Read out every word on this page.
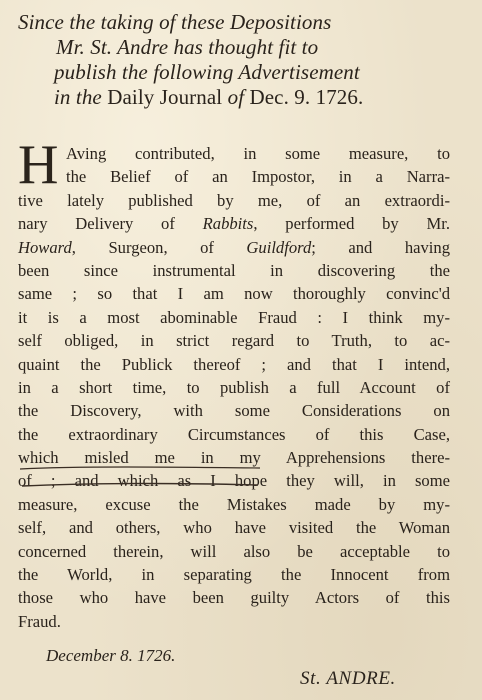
Since the taking of these Depositions
Mr. St. Andre has thought fit to
publish the following Advertisement
in the Daily Journal of Dec. 9. 1726.
H Aving contributed, in some measure, to
the Belief of an Impostor, in a Narra-
tive lately published by me, of an extraordi-
nary Delivery of Rabbits, performed by Mr.
Howard, Surgeon, of Guildford; and having
been since instrumental in discovering the
same ; so that I am now thoroughly convinc'd
it is a most abominable Fraud : I think my-
self obliged, in strict regard to Truth, to ac-
quaint the Publick thereof ; and that I intend,
in a short time, to publish a full Account of
the Discovery, with some Considerations on
the extraordinary Circumstances of this Case,
which misled me in my Apprehensions there-
of ; and which as I hope they will, in some
measure, excuse the Mistakes made by my-
self, and others, who have visited the Woman
concerned therein, will also be acceptable to
the World, in separating the Innocent from
those who have been guilty Actors of this
Fraud.
December 8. 1726.
St. ANDRE.
